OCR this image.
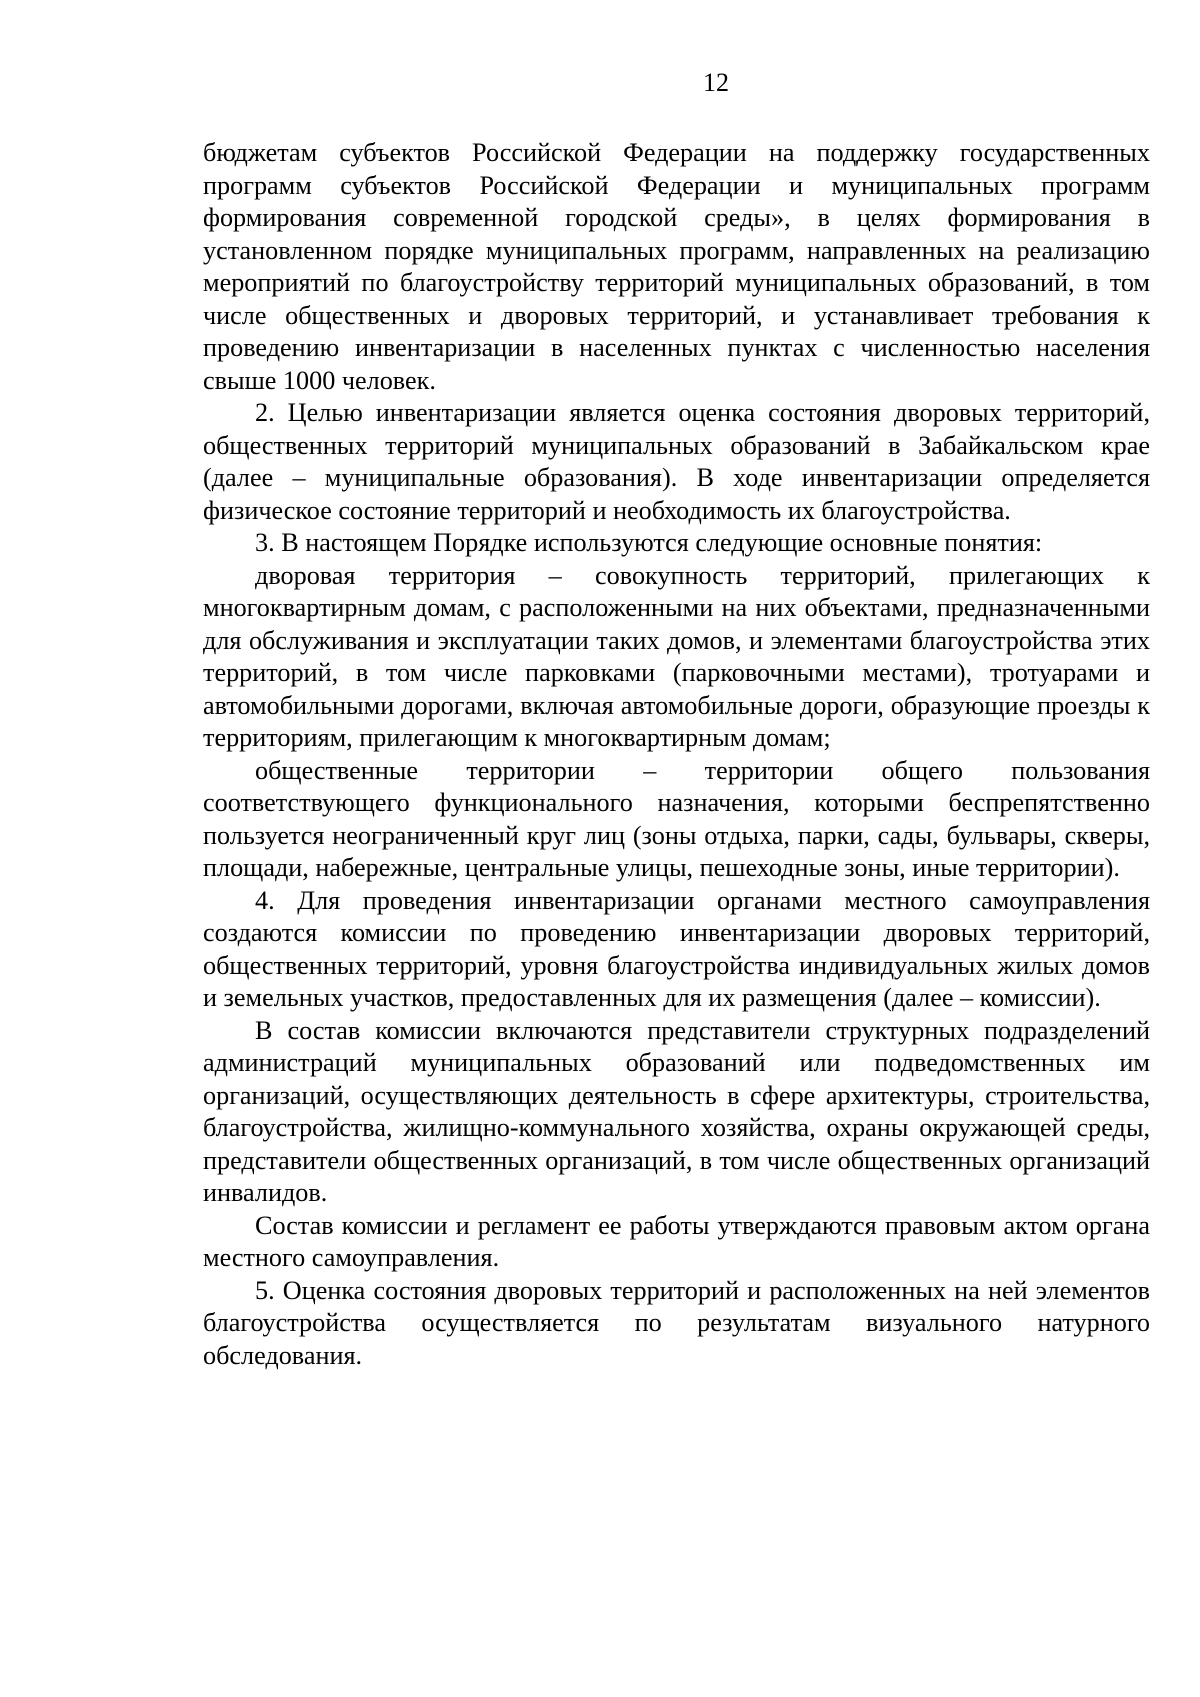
12

бюджетам субъектов Российской Федерации на поддержку государственных программ субъектов Российской Федерации и муниципальных программ формирования современной городской среды», в целях формирования в установленном порядке муниципальных программ, направленных на реализацию мероприятий по благоустройству территорий муниципальных образований, в том числе общественных и дворовых территорий, и устанавливает требования к проведению инвентаризации в населенных пунктах с численностью населения свыше 1000 человек.

2. Целью инвентаризации является оценка состояния дворовых территорий, общественных территорий муниципальных образований в Забайкальском крае (далее – муниципальные образования). В ходе инвентаризации определяется физическое состояние территорий и необходимость их благоустройства.

3. В настоящем Порядке используются следующие основные понятия:

дворовая территория – совокупность территорий, прилегающих к многоквартирным домам, с расположенными на них объектами, предназначенными для обслуживания и эксплуатации таких домов, и элементами благоустройства этих территорий, в том числе парковками (парковочными местами), тротуарами и автомобильными дорогами, включая автомобильные дороги, образующие проезды к территориям, прилегающим к многоквартирным домам;

общественные территории – территории общего пользования соответствующего функционального назначения, которыми беспрепятственно пользуется неограниченный круг лиц (зоны отдыха, парки, сады, бульвары, скверы, площади, набережные, центральные улицы, пешеходные зоны, иные территории).

4. Для проведения инвентаризации органами местного самоуправления создаются комиссии по проведению инвентаризации дворовых территорий, общественных территорий, уровня благоустройства индивидуальных жилых домов и земельных участков, предоставленных для их размещения (далее – комиссии).

В состав комиссии включаются представители структурных подразделений администраций муниципальных образований или подведомственных им организаций, осуществляющих деятельность в сфере архитектуры, строительства, благоустройства, жилищно-коммунального хозяйства, охраны окружающей среды, представители общественных организаций, в том числе общественных организаций инвалидов.

Состав комиссии и регламент ее работы утверждаются правовым актом органа местного самоуправления.

5. Оценка состояния дворовых территорий и расположенных на ней элементов благоустройства осуществляется по результатам визуального натурного обследования.
